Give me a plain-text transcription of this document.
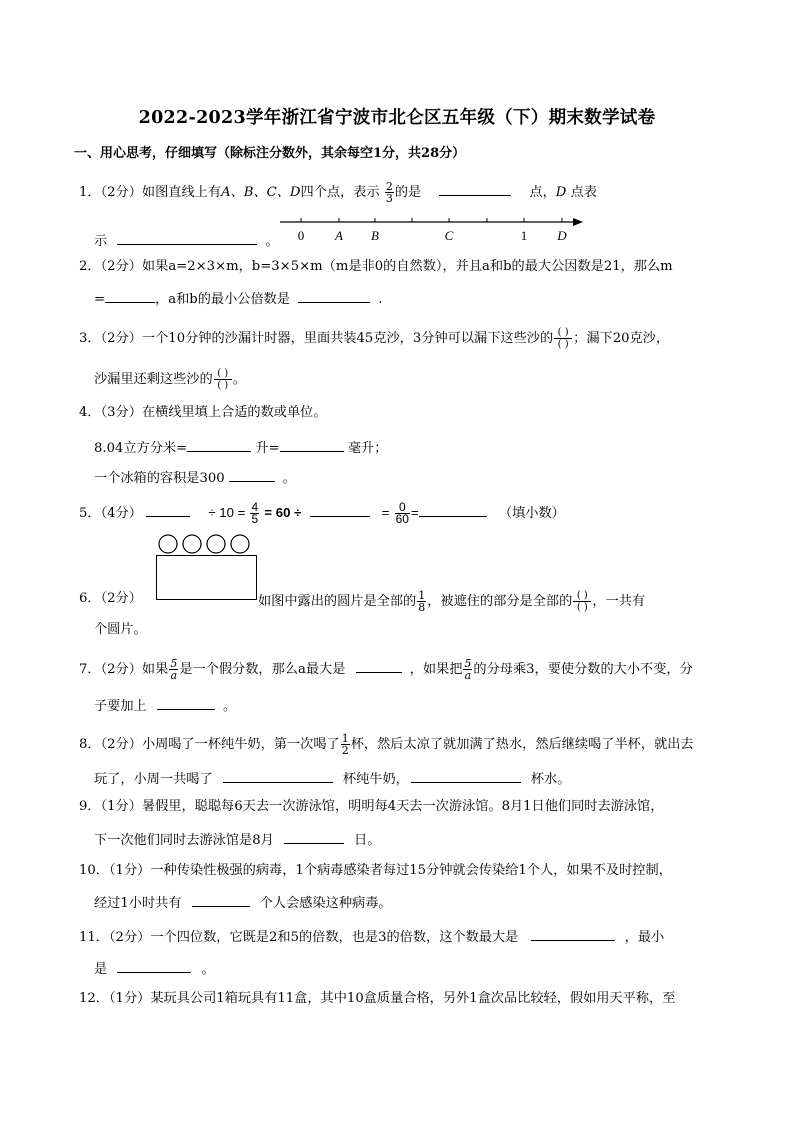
2022-2023学年浙江省宁波市北仑区五年级（下）期末数学试卷
一、用心思考，仔细填写（除标注分数外，其余每空1分，共28分）
1．（2分）如图直线上有A、B、C、D四个点，表示 $\frac{2}{3}$ 的是	点，D 点表
示	。 0 A B	C	1 D
2．（2分）如果a=2×3×m，b=3×5×m（m是非0的自然数），并且a和b的最大公因数是21，那么m
=	，a和b的最小公倍数是	.
3．（2分）一个10分钟的沙漏计时器，里面共装45克沙，3分钟可以漏下这些沙的 $\frac{( )}{( )}$ ；漏下20克沙，
沙漏里还剩这些沙的 $\frac{( )}{( )}$ 。
4．（3分）在横线里填上合适的数或单位。
8.04立方分米=	升=	毫升；
一个冰箱的容积是300	。
5．（4分）	÷ $10 = \frac{4}{5} = 60$ ÷	= $\frac{0}{60}$ =	（填小数）
6．（2分）	如图中露出的圆片是全部的 $\frac{1}{8}$ ，被遮住的部分是全部的 $\frac{( )}{( )}$ ，一共有
个圆片。
7．（2分）如果 $\frac{5}{a}$ 是一个假分数，那么a最大是	，如果把 $\frac{5}{a}$ 的分母乘3，要使分数的大小不变，分
子要加上	。
8．（2分）小周喝了一杯纯牛奶，第一次喝了 $\frac{1}{2}$ 杯，然后太凉了就加满了热水，然后继续喝了半杯，就出去
玩了，小周一共喝了	杯纯牛奶，	杯水。
9．（1分）暑假里，聪聪每6天去一次游泳馆，明明每4天去一次游泳馆。8月1日他们同时去游泳馆，
下一次他们同时去游泳馆是8月	日。
10．（1分）一种传染性极强的病毒，1个病毒感染者每过15分钟就会传染给1个人，如果不及时控制，
经过1小时共有	个人会感染这种病毒。
11．（2分）一个四位数，它既是2和5的倍数，也是3的倍数，这个数最大是	，最小
是	。
12．（1分）某玩具公司1箱玩具有11盒，其中10盒质量合格，另外1盒次品比较轻，假如用天平称，至
